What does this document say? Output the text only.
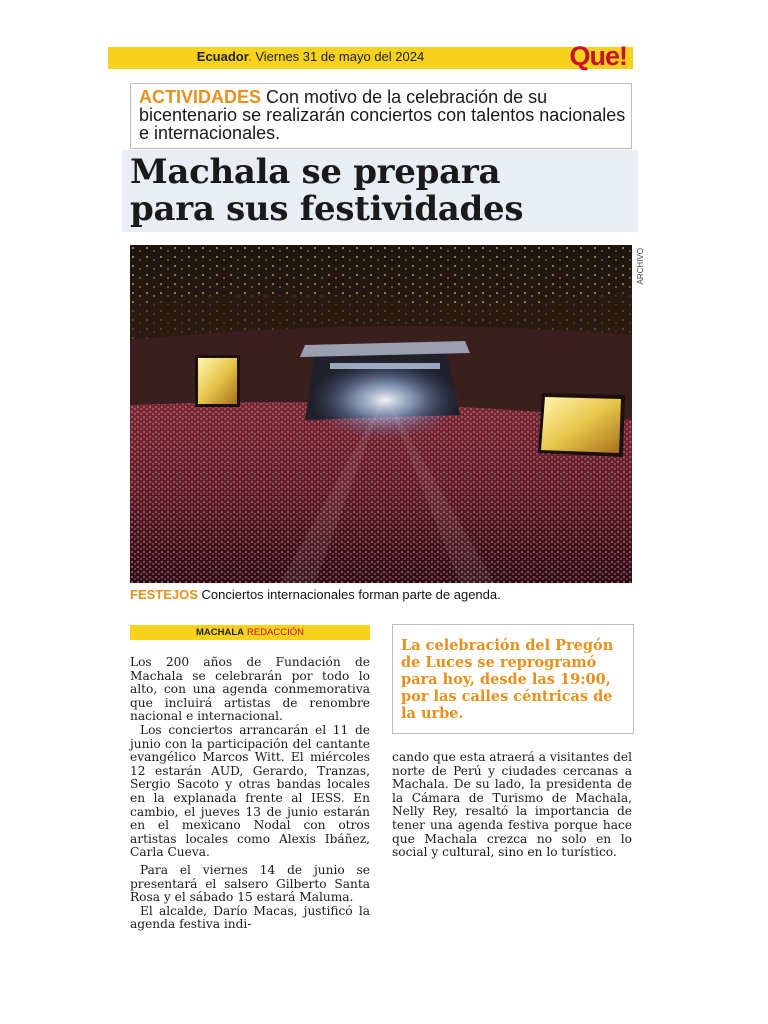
Ecuador. Viernes 31 de mayo del 2024	Que!
ACTIVIDADES Con motivo de la celebración de su bicentenario se realizarán conciertos con talentos nacionales e internacionales.
Machala se prepara
para sus festividades
ARCHIVO
FESTEJOS Conciertos internacionales forman parte de agenda.
MACHALA REDACCIÓN
La celebración del Pregón de Luces se reprogramó para hoy, desde las 19:00, por las calles céntricas de la urbe.

Los 200 años de Fundación de Machala se celebrarán por todo lo alto, con una agenda conmemorativa que incluirá artistas de renombre nacional e internacional.

Los conciertos arrancarán el 11 de junio con la participación del cantante evangélico Marcos Witt. El miércoles 12 estarán AUD, Gerardo, Tranzas, Sergio Sacoto y otras bandas locales en la explanada frente al IESS. En cambio, el jueves 13 de junio estarán en el mexicano Nodal con otros artistas locales como Alexis Ibáñez, Carla Cueva.

Para el viernes 14 de junio se presentará el salsero Gilberto Santa Rosa y el sábado 15 estará Maluma.

El alcalde, Darío Macas, justificó la agenda festiva indi-

cando que esta atraerá a visitantes del norte de Perú y ciudades cercanas a Machala. De su lado, la presidenta de la Cámara de Turismo de Machala, Nelly Rey, resaltó la importancia de tener una agenda festiva porque hace que Machala crezca no solo en lo social y cultural, sino en lo turístico.
